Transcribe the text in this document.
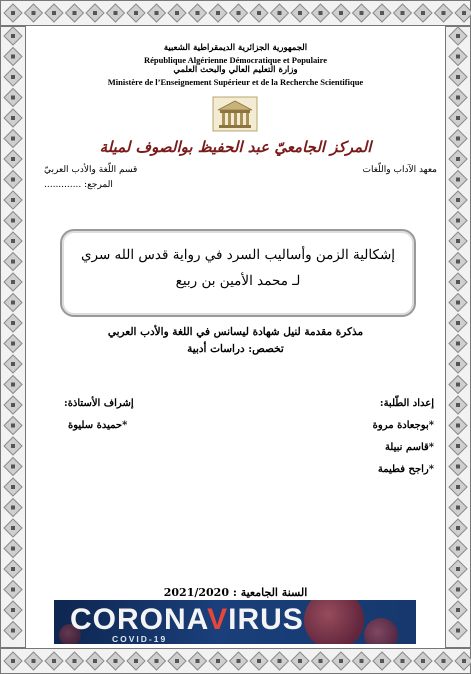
الجمهورية الجزائرية الديمقراطية الشعبية
République Algérienne Démocratique et Populaire
وزارة التعليم العالي والبحث العلمي
Ministère de l’Enseignement Supérieur et de la Recherche Scientifique
المركز الجامعيّ عبد الحفيظ بوالصوف لميلة
معهد الآداب واللّغات
قسم اللّغة والأدب العربيّ
المرجع: .............
إشكالية الزمن وأساليب السرد في رواية قدس الله سري
لـ محمد الأمين بن ربيع
مذكرة مقدمة لنيل شهادة ليسانس في اللغة والأدب العربي
تخصص: دراسات أدبية
إعداد الطّلبة:
*بوجعادة مروة
*قاسم نبيلة
*راجح فطيمة
إشراف الأستاذة:
*حميدة سليوة
السنة الجامعية : 2021/2020
CORONAVIRUS
COVID-19
